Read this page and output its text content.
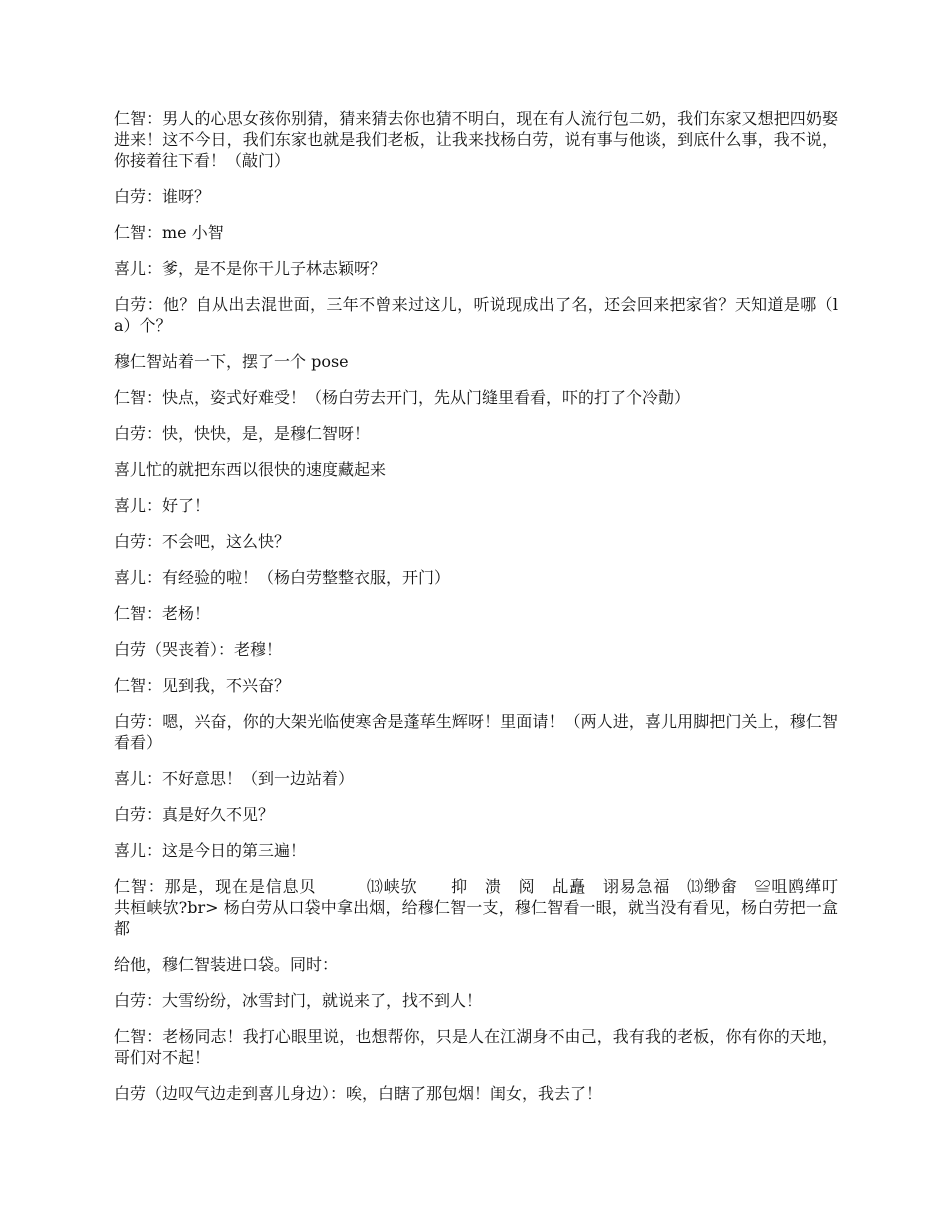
仁智：男人的心思女孩你别猜，猜来猜去你也猜不明白，现在有人流行包二奶，我们东家又想把四奶娶进来！这不今日，我们东家也就是我们老板，让我来找杨白劳，说有事与他谈，到底什么事，我不说，你接着往下看！（敲门）

白劳：谁呀？

仁智：me 小智

喜儿：爹，是不是你干儿子林志颖呀？

白劳：他？自从出去混世面，三年不曾来过这儿，听说现成出了名，还会回来把家省？天知道是哪（la）个？

穆仁智站着一下，摆了一个 pose

仁智：快点，姿式好难受！（杨白劳去开门，先从门缝里看看，吓的打了个冷勣）

白劳：快，快快，是，是穆仁智呀！

喜儿忙的就把东西以很快的速度藏起来

喜儿：好了！

白劳：不会吧，这么快？

喜儿：有经验的啦！（杨白劳整整衣服，开门）

仁智：老杨！

白劳（哭丧着）：老穆！

仁智：见到我，不兴奋？

白劳：嗯，兴奋，你的大架光临使寒舍是蓬荜生辉呀！里面请！（两人进，喜儿用脚把门关上，穆仁智看看）

喜儿：不好意思！（到一边站着）

白劳：真是好久不见？

喜儿：这是今日的第三遍！

仁智：那是，现在是信息贝　　　⒀峡欤　　抑　溃　阅　乩矗　诩易急福　⒀缈畲　≌咀鸥缂叮　　共桓峡欤?br> 杨白劳从口袋中拿出烟，给穆仁智一支，穆仁智看一眼，就当没有看见，杨白劳把一盒都

给他，穆仁智装进口袋。同时：

白劳：大雪纷纷，冰雪封门，就说来了，找不到人！

仁智：老杨同志！我打心眼里说，也想帮你，只是人在江湖身不由己，我有我的老板，你有你的天地，哥们对不起！

白劳（边叹气边走到喜儿身边）：唉，白瞎了那包烟！闺女，我去了！
